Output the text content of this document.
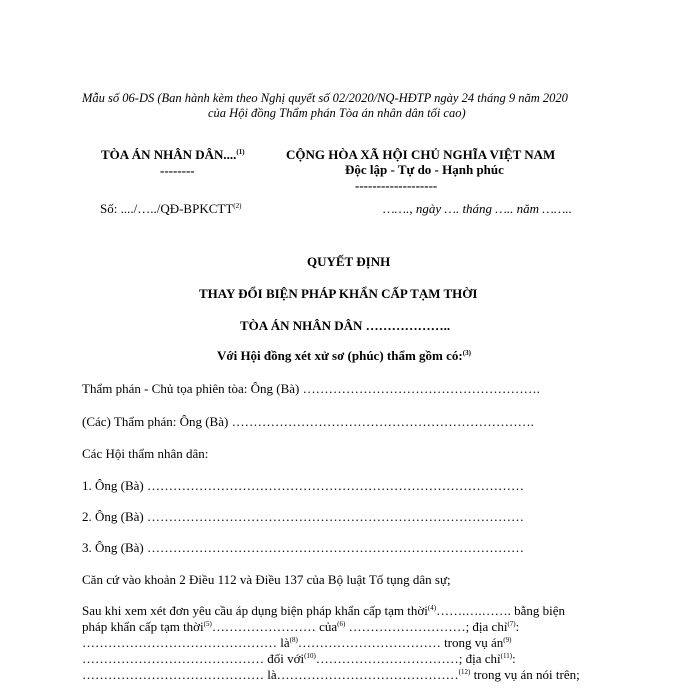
Mẫu số 06-DS (Ban hành kèm theo Nghị quyết số 02/2020/NQ-HĐTP ngày 24 tháng 9 năm 2020
của Hội đồng Thẩm phán Tòa án nhân dân tối cao)
TÒA ÁN NHÂN DÂN....$^{(1)}$
--------
CỘNG HÒA XÃ HỘI CHỦ NGHĨA VIỆT NAM
Độc lập - Tự do - Hạnh phúc
-------------------
Số: ..../…../QĐ-BPKCTT$^{(2)}$	……., ngày …. tháng ….. năm ……..
QUYẾT ĐỊNH
THAY ĐỔI BIỆN PHÁP KHẨN CẤP TẠM THỜI
TÒA ÁN NHÂN DÂN ………………..
Với Hội đồng xét xử sơ (phúc) thẩm gồm có:$^{(3)}$
Thẩm phán - Chủ tọa phiên tòa: Ông (Bà) ……………………………………………….
(Các) Thẩm phán: Ông (Bà) …………………………………………………………….
Các Hội thẩm nhân dân:
1. Ông (Bà) ……………………………………………………………………………
2. Ông (Bà) ……………………………………………………………………………
3. Ông (Bà) ……………………………………………………………………………
Căn cứ vào khoản 2 Điều 112 và Điều 137 của Bộ luật Tố tụng dân sự;
Sau khi xem xét đơn yêu cầu áp dụng biện pháp khẩn cấp tạm thời$^{(4)}$…….….……. bằng biện
pháp khẩn cấp tạm thời$^{(5)}$…………………… của$^{(6)}$ ………………………; địa chỉ$^{(7)}$:
……………………………………… $là^{(8)}\dots\dots\dots\dots\dots\dots\dots\dots\dots\dots\dots$ trong vụ $án^{(9)}$
…………………………………… đối với$^{(10)}$……………………………; địa chỉ$^{(11)}$:
…………………………………… là……………………………………$^{(12)}$ trong vụ án nói trên;
